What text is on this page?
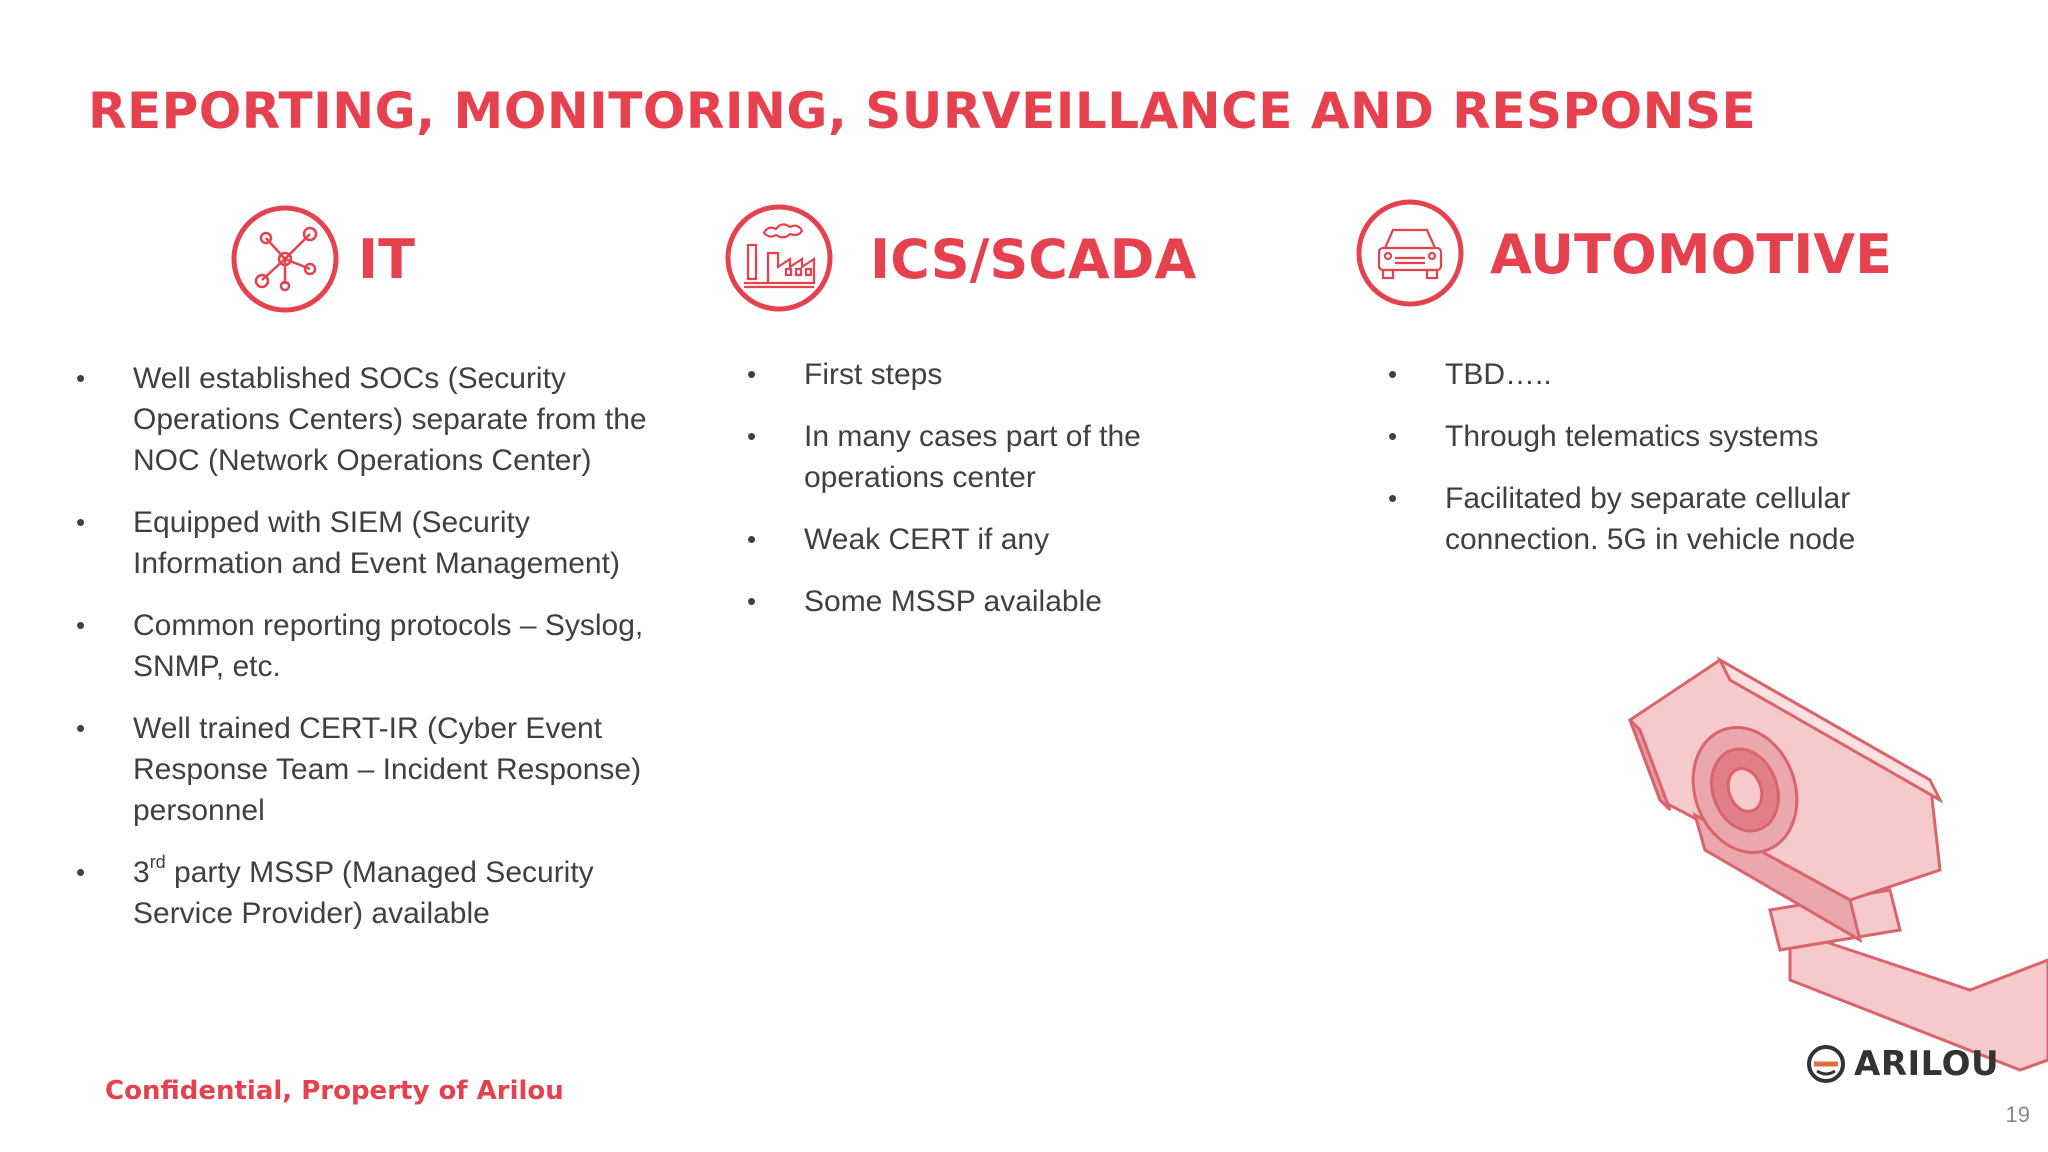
REPORTING, MONITORING, SURVEILLANCE AND RESPONSE
IT
• Well established SOCs (Security Operations Centers) separate from the NOC (Network Operations Center)
• Equipped with SIEM (Security Information and Event Management)
• Common reporting protocols – Syslog, SNMP, etc.
• Well trained CERT-IR (Cyber Event Response Team – Incident Response) personnel
• 3rd party MSSP (Managed Security Service Provider) available
ICS/SCADA
• First steps
• In many cases part of the operations center
• Weak CERT if any
• Some MSSP available
AUTOMOTIVE
• TBD…..
• Through telematics systems
• Facilitated by separate cellular connection. 5G in vehicle node
Confidential, Property of Arilou
ARILOU
19
